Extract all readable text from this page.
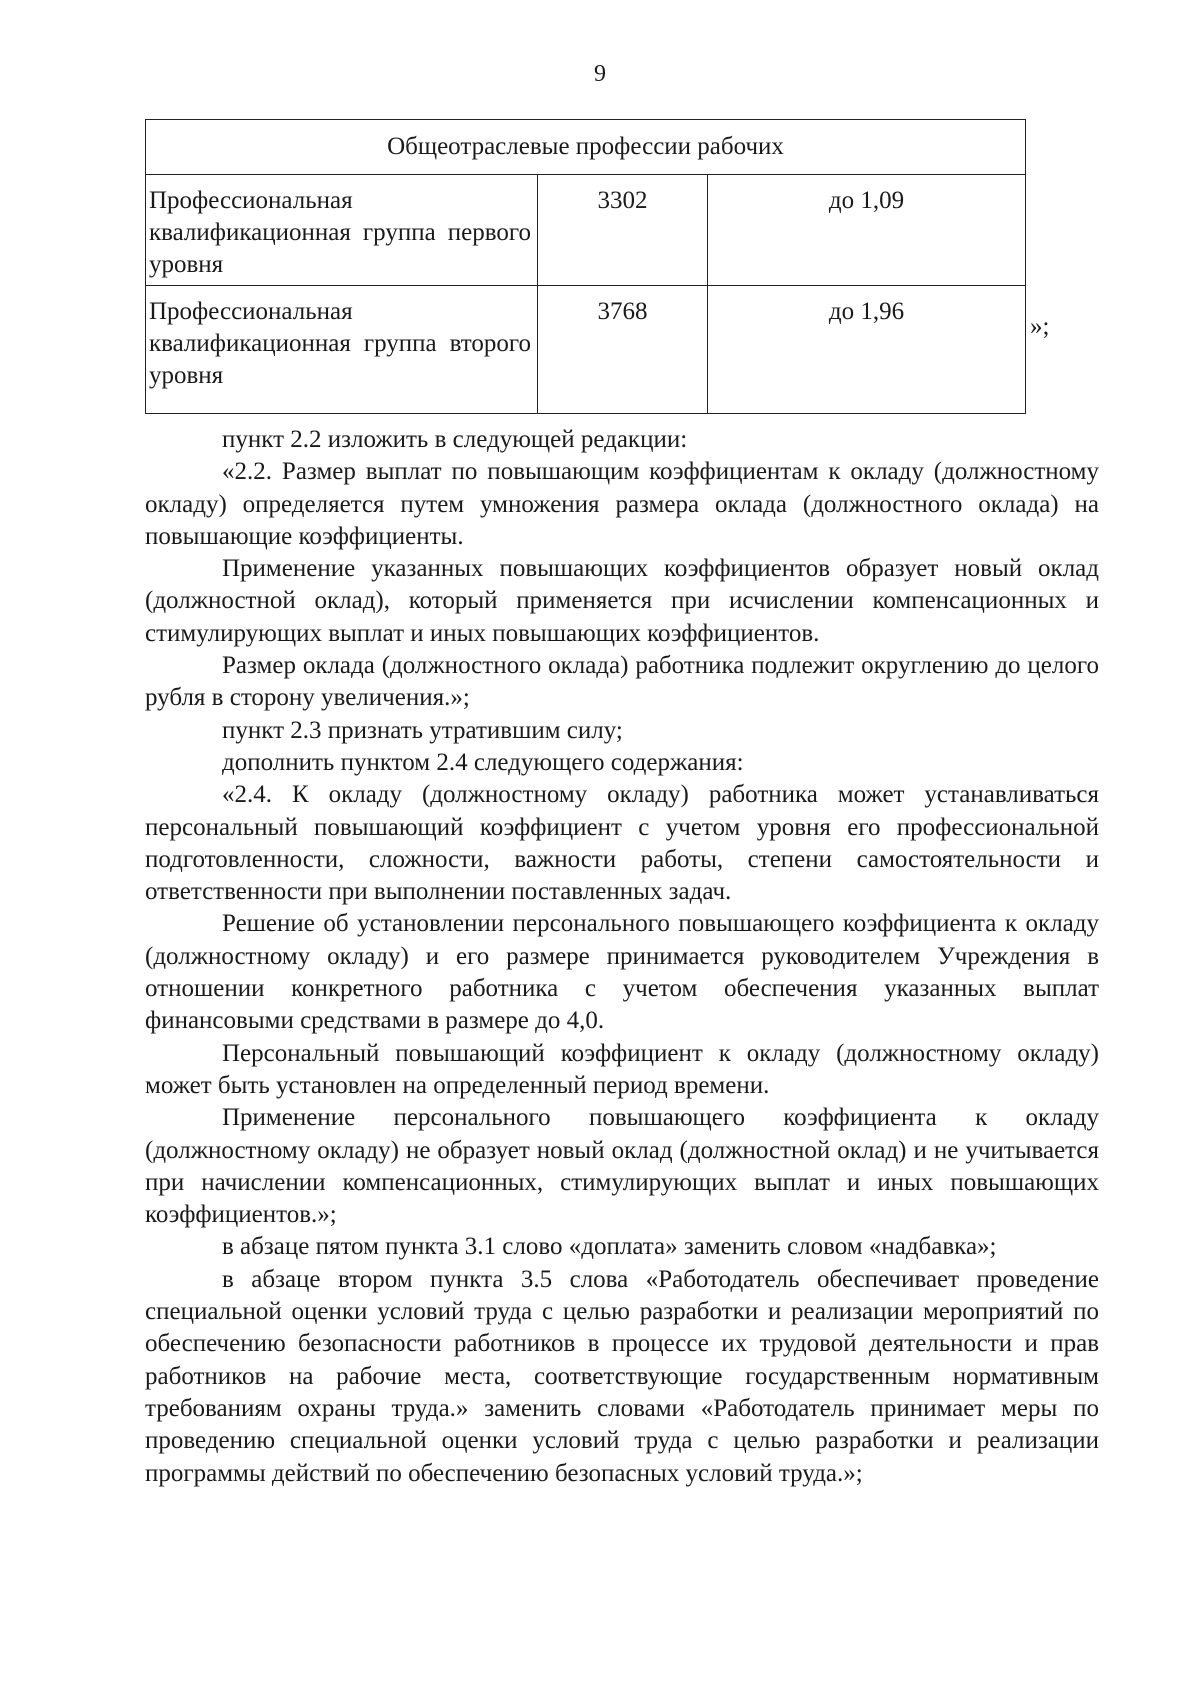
9
Общеотраслевые профессии рабочих		
Профессиональная квалификационная группа первого уровня	3302	до 1,09
Профессиональная квалификационная группа второго уровня	3768	до 1,96
»;

пункт 2.2 изложить в следующей редакции:

«2.2. Размер выплат по повышающим коэффициентам к окладу (должностному окладу) определяется путем умножения размера оклада (должностного оклада) на повышающие коэффициенты.

Применение указанных повышающих коэффициентов образует новый оклад (должностной оклад), который применяется при исчислении компенсационных и стимулирующих выплат и иных повышающих коэффициентов.

Размер оклада (должностного оклада) работника подлежит округлению до целого рубля в сторону увеличения.»;

пункт 2.3 признать утратившим силу;

дополнить пунктом 2.4 следующего содержания:

«2.4. К окладу (должностному окладу) работника может устанавливаться персональный повышающий коэффициент с учетом уровня его профессиональной подготовленности, сложности, важности работы, степени самостоятельности и ответственности при выполнении поставленных задач.

Решение об установлении персонального повышающего коэффициента к окладу (должностному окладу) и его размере принимается руководителем Учреждения в отношении конкретного работника с учетом обеспечения указанных выплат финансовыми средствами в размере до 4,0.

Персональный повышающий коэффициент к окладу (должностному окладу) может быть установлен на определенный период времени.

Применение персонального повышающего коэффициента к окладу (должностному окладу) не образует новый оклад (должностной оклад) и не учитывается при начислении компенсационных, стимулирующих выплат и иных повышающих коэффициентов.»;

в абзаце пятом пункта 3.1 слово «доплата» заменить словом «надбавка»;

в абзаце втором пункта 3.5 слова «Работодатель обеспечивает проведение специальной оценки условий труда с целью разработки и реализации мероприятий по обеспечению безопасности работников в процессе их трудовой деятельности и прав работников на рабочие места, соответствующие государственным нормативным требованиям охраны труда.» заменить словами «Работодатель принимает меры по проведению специальной оценки условий труда с целью разработки и реализации программы действий по обеспечению безопасных условий труда.»;
